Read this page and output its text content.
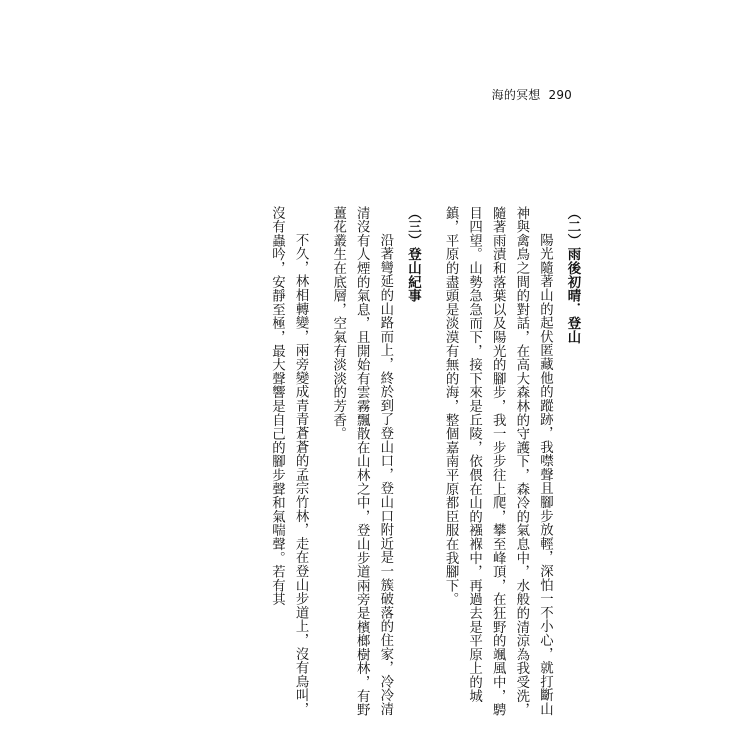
海的冥想 290
（二）雨後初晴．登山
陽光隨著山的起伏匿藏他的蹤跡，我噤聲且腳步放輕，深怕一不小心，就打斷山神與禽鳥之間的對話，在高大森林的守護下，森冷的氣息中，水般的清涼為我受洗，隨著雨漬和落葉以及陽光的腳步，我一步步往上爬，攀至峰頂，在狂野的颯風中，騁目四望。山勢急急而下，接下來是丘陵，依偎在山的襁褓中，再過去是平原上的城鎮，平原的盡頭是淡漠有無的海，整個嘉南平原都臣服在我腳下。
（三）登山紀事
沿著彎延的山路而上，終於到了登山口，登山口附近是一簇破落的住家，冷冷清清沒有人煙的氣息，且開始有雲霧飄散在山林之中，登山步道兩旁是檳榔樹林，有野薑花叢生在底層，空氣有淡淡的芳香。
不久，林相轉變，兩旁變成青青蒼蒼的孟宗竹林，走在登山步道上，沒有鳥叫，沒有蟲吟，安靜至極，最大聲響是自己的腳步聲和氣喘聲。若有其
